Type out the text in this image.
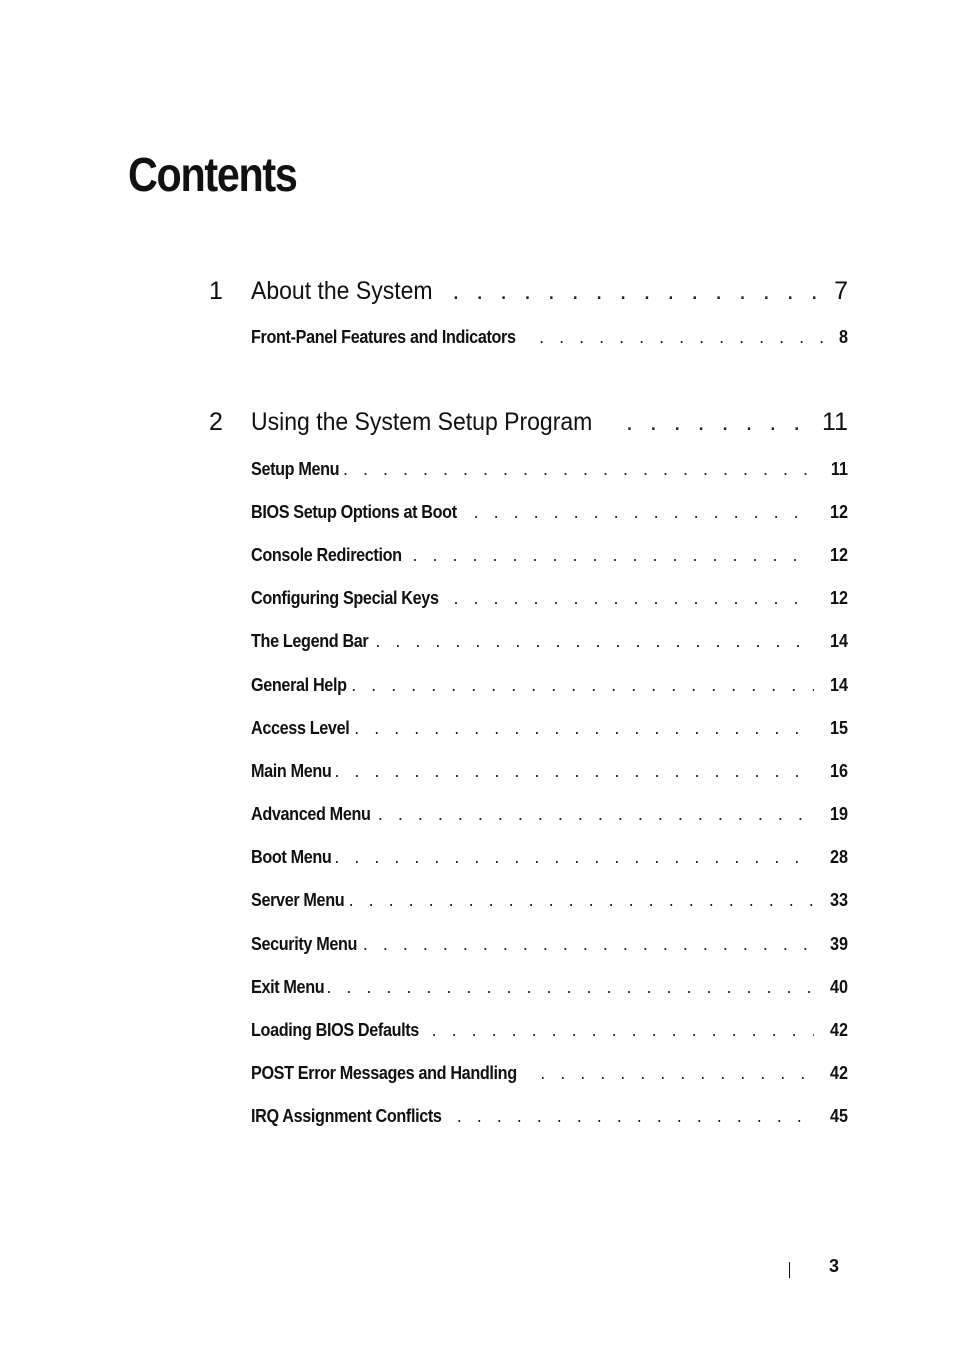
Contents
1 About the System . . .	7
Front-Panel Features and Indicators . . .	8
2 Using the System Setup Program . . .	11
Setup Menu . . .	11
BIOS Setup Options at Boot . . .	12
Console Redirection . . .	12
Configuring Special Keys . . .	12
The Legend Bar . . .	14
General Help . . .	14
Access Level . . .	15
Main Menu . . .	16
Advanced Menu . . .	19
Boot Menu . . .	28
Server Menu . . .	33
Security Menu . . .	39
Exit Menu . . .	40
Loading BIOS Defaults . . .	42
POST Error Messages and Handling . . .	42
IRQ Assignment Conflicts . . .	45
3
